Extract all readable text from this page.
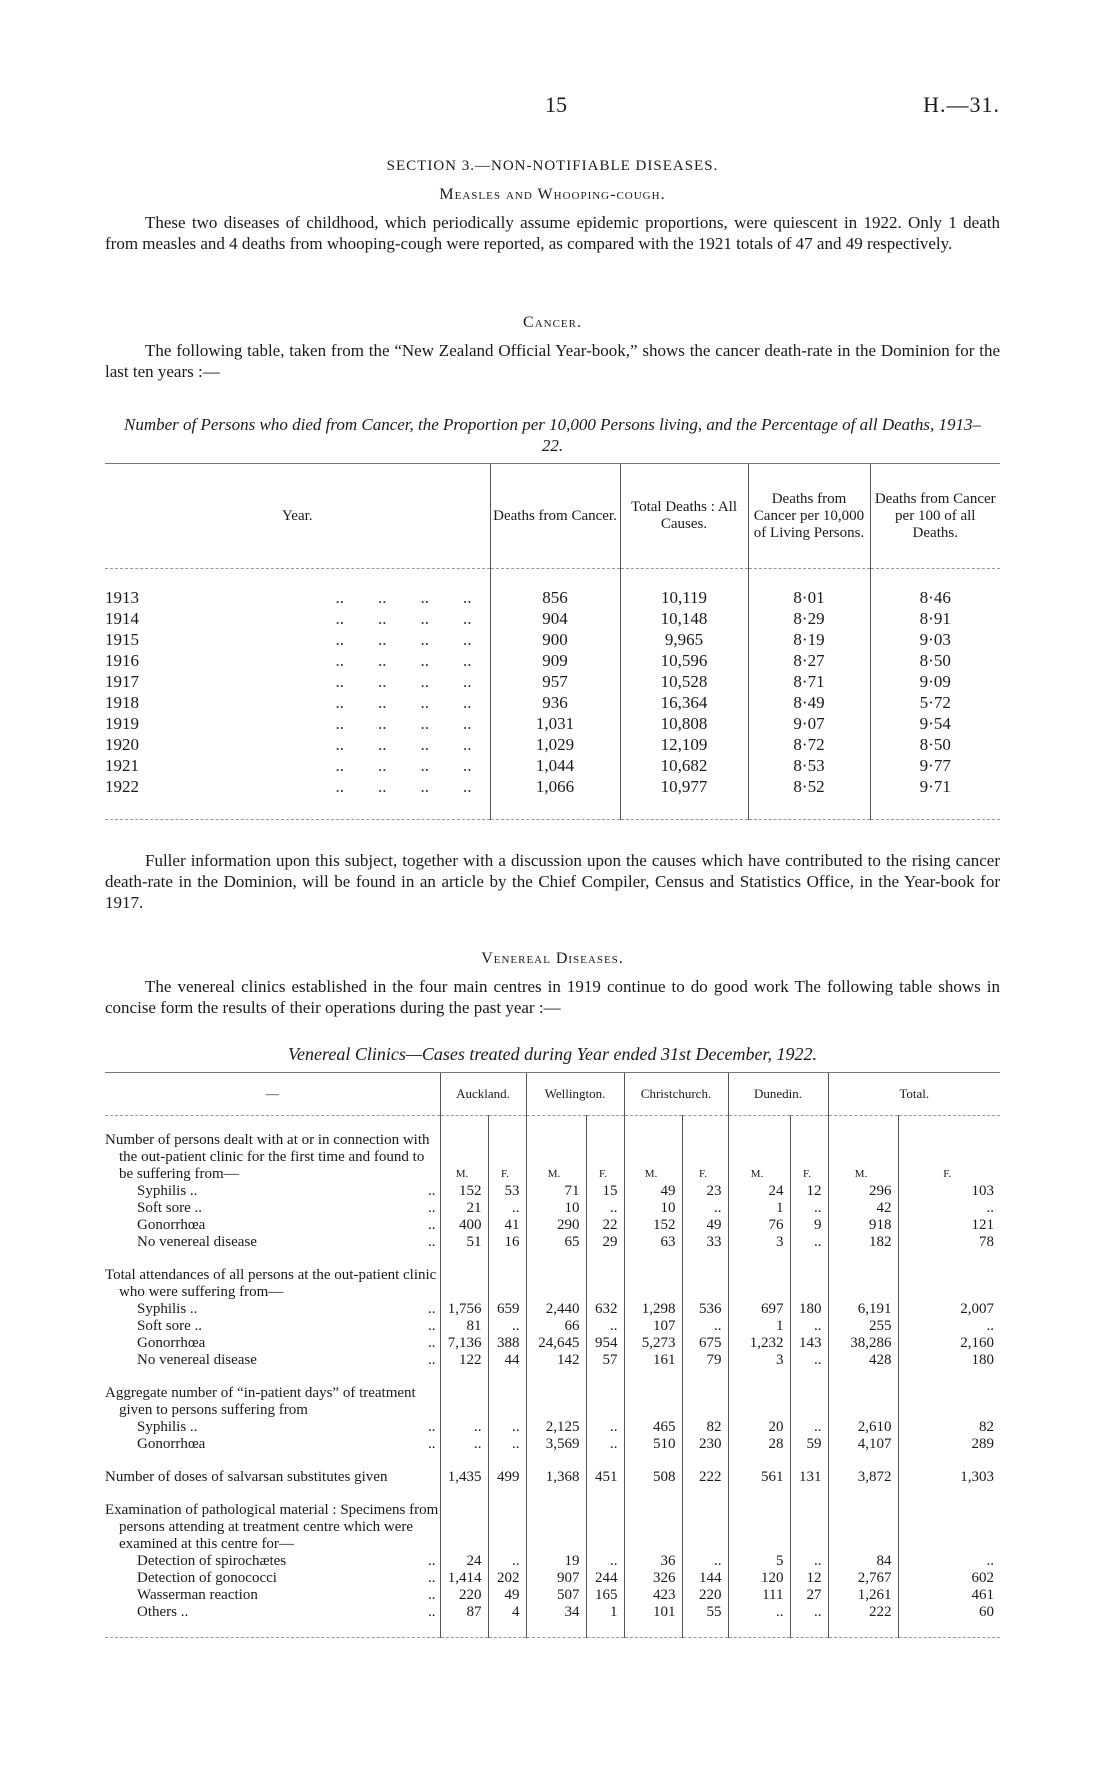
15	H.—31.
SECTION 3.—NON-NOTIFIABLE DISEASES.
Measles and Whooping-cough.
These two diseases of childhood, which periodically assume epidemic proportions, were quiescent in 1922. Only 1 death from measles and 4 deaths from whooping-cough were reported, as compared with the 1921 totals of 47 and 49 respectively.
Cancer.
The following table, taken from the “New Zealand Official Year-book,” shows the cancer death-rate in the Dominion for the last ten years :—
Number of Persons who died from Cancer, the Proportion per 10,000 Persons living, and the Percentage of all Deaths, 1913–22.
Year.	Deaths from Cancer.	Total Deaths : All Causes.	Deaths from Cancer per 10,000 of Living Persons.	Deaths from Cancer per 100 of all Deaths.

1913 ..        ..        ..        ..	856	10,119	8·01	8·46
1914 ..        ..        ..        ..	904	10,148	8·29	8·91
1915 ..        ..        ..        ..	900	9,965	8·19	9·03
1916 ..        ..        ..        ..	909	10,596	8·27	8·50
1917 ..        ..        ..        ..	957	10,528	8·71	9·09
1918 ..        ..        ..        ..	936	16,364	8·49	5·72
1919 ..        ..        ..        ..	1,031	10,808	9·07	9·54
1920 ..        ..        ..        ..	1,029	12,109	8·72	8·50
1921 ..        ..        ..        ..	1,044	10,682	8·53	9·77
1922 ..        ..        ..        ..	1,066	10,977	8·52	9·71

Fuller information upon this subject, together with a discussion upon the causes which have contributed to the rising cancer death-rate in the Dominion, will be found in an article by the Chief Compiler, Census and Statistics Office, in the Year-book for 1917.
Venereal Diseases.
The venereal clinics established in the four main centres in 1919 continue to do good work The following table shows in concise form the results of their operations during the past year :—
Venereal Clinics—Cases treated during Year ended 31st December, 1922.
—	Auckland.		Wellington.		Christchurch.		Dunedin.		Total.	

Number of persons dealt with at or in connection with the out-patient clinic for the first time and found to be suffering from—	M.	F.	M.	F.	M.	F.	M.	F.	M.	F.
Syphilis .. ..	152	53	71	15	49	23	24	12	296	103
Soft sore .. ..	21	..	10	..	10	..	1	..	42	..
Gonorrhœa ..	400	41	290	22	152	49	76	9	918	121
No venereal disease ..	51	16	65	29	63	33	3	..	182	78

Total attendances of all persons at the out-patient clinic who were suffering from—										
Syphilis .. ..	1,756	659	2,440	632	1,298	536	697	180	6,191	2,007
Soft sore .. ..	81	..	66	..	107	..	1	..	255	..
Gonorrhœa ..	7,136	388	24,645	954	5,273	675	1,232	143	38,286	2,160
No venereal disease ..	122	44	142	57	161	79	3	..	428	180

Aggregate number of “in-patient days” of treatment given to persons suffering from										
Syphilis .. ..	..	..	2,125	..	465	82	20	..	2,610	82
Gonorrhœa ..	..	..	3,569	..	510	230	28	59	4,107	289

Number of doses of salvarsan substitutes given	1,435	499	1,368	451	508	222	561	131	3,872	1,303

Examination of pathological material : Specimens from persons attending at treatment centre which were examined at this centre for—										
Detection of spirochætes ..	24	..	19	..	36	..	5	..	84	..
Detection of gonococci ..	1,414	202	907	244	326	144	120	12	2,767	602
Wasserman reaction ..	220	49	507	165	423	220	111	27	1,261	461
Others .. ..	87	4	34	1	101	55	..	..	222	60
